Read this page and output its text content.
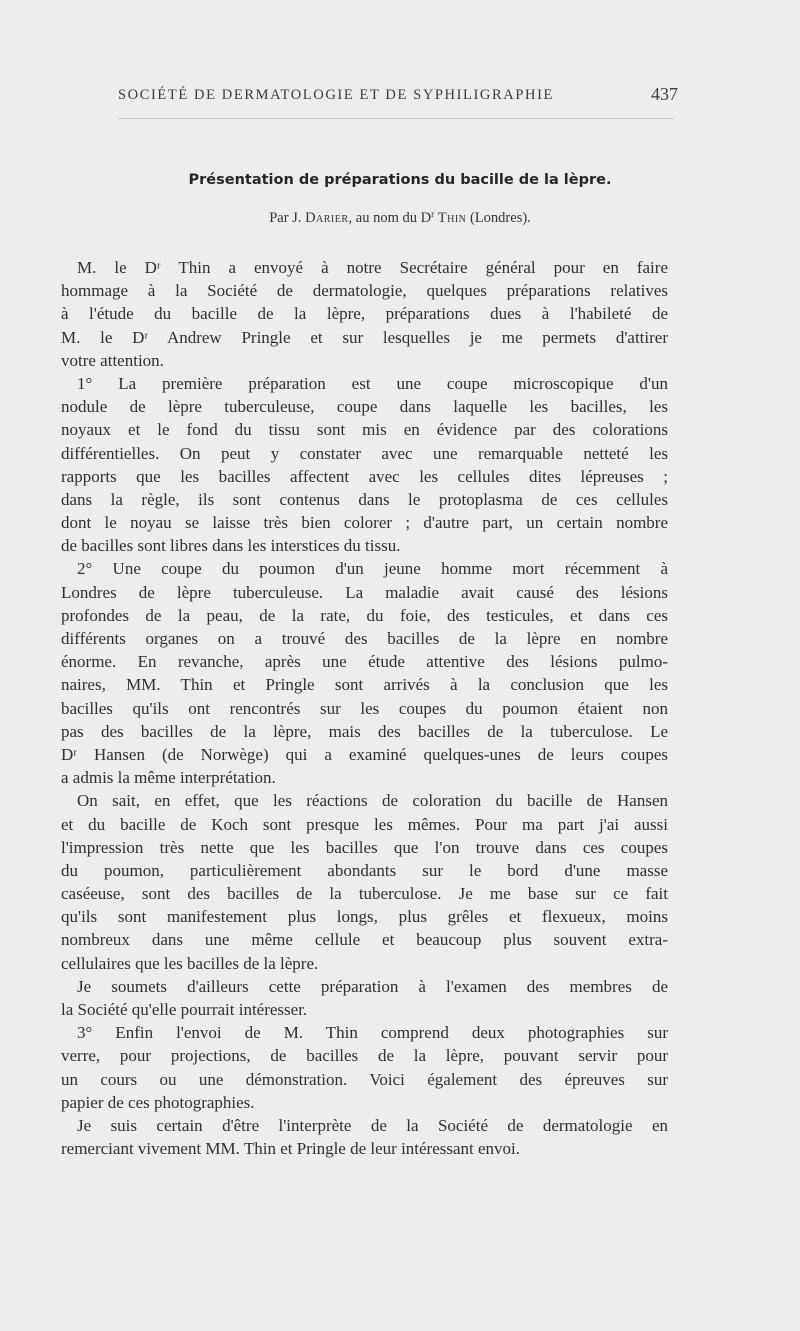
SOCIÉTÉ DE DERMATOLOGIE ET DE SYPHILIGRAPHIE	437
Présentation de préparations du bacille de la lèpre.
Par J. Darier, au nom du $D^r$ Thin (Londres).
M. le Dʳ Thin a envoyé à notre Secrétaire général pour en faire
hommage à la Société de dermatologie, quelques préparations relatives
à l'étude du bacille de la lèpre, préparations dues à l'habileté de
M. le Dʳ Andrew Pringle et sur lesquelles je me permets d'attirer
votre attention.
1° La première préparation est une coupe microscopique d'un
nodule de lèpre tuberculeuse, coupe dans laquelle les bacilles, les
noyaux et le fond du tissu sont mis en évidence par des colorations
différentielles. On peut y constater avec une remarquable netteté les
rapports que les bacilles affectent avec les cellules dites lépreuses ;
dans la règle, ils sont contenus dans le protoplasma de ces cellules
dont le noyau se laisse très bien colorer ; d'autre part, un certain nombre
de bacilles sont libres dans les interstices du tissu.
2° Une coupe du poumon d'un jeune homme mort récemment à
Londres de lèpre tuberculeuse. La maladie avait causé des lésions
profondes de la peau, de la rate, du foie, des testicules, et dans ces
différents organes on a trouvé des bacilles de la lèpre en nombre
énorme. En revanche, après une étude attentive des lésions pulmo-
naires, MM. Thin et Pringle sont arrivés à la conclusion que les
bacilles qu'ils ont rencontrés sur les coupes du poumon étaient non
pas des bacilles de la lèpre, mais des bacilles de la tuberculose. Le
Dʳ Hansen (de Norwège) qui a examiné quelques-unes de leurs coupes
a admis la même interprétation.
On sait, en effet, que les réactions de coloration du bacille de Hansen
et du bacille de Koch sont presque les mêmes. Pour ma part j'ai aussi
l'impression très nette que les bacilles que l'on trouve dans ces coupes
du poumon, particulièrement abondants sur le bord d'une masse
caséeuse, sont des bacilles de la tuberculose. Je me base sur ce fait
qu'ils sont manifestement plus longs, plus grêles et flexueux, moins
nombreux dans une même cellule et beaucoup plus souvent extra-
cellulaires que les bacilles de la lèpre.
Je soumets d'ailleurs cette préparation à l'examen des membres de
la Société qu'elle pourrait intéresser.
3° Enfin l'envoi de M. Thin comprend deux photographies sur
verre, pour projections, de bacilles de la lèpre, pouvant servir pour
un cours ou une démonstration. Voici également des épreuves sur
papier de ces photographies.
Je suis certain d'être l'interprète de la Société de dermatologie en
remerciant vivement MM. Thin et Pringle de leur intéressant envoi.
